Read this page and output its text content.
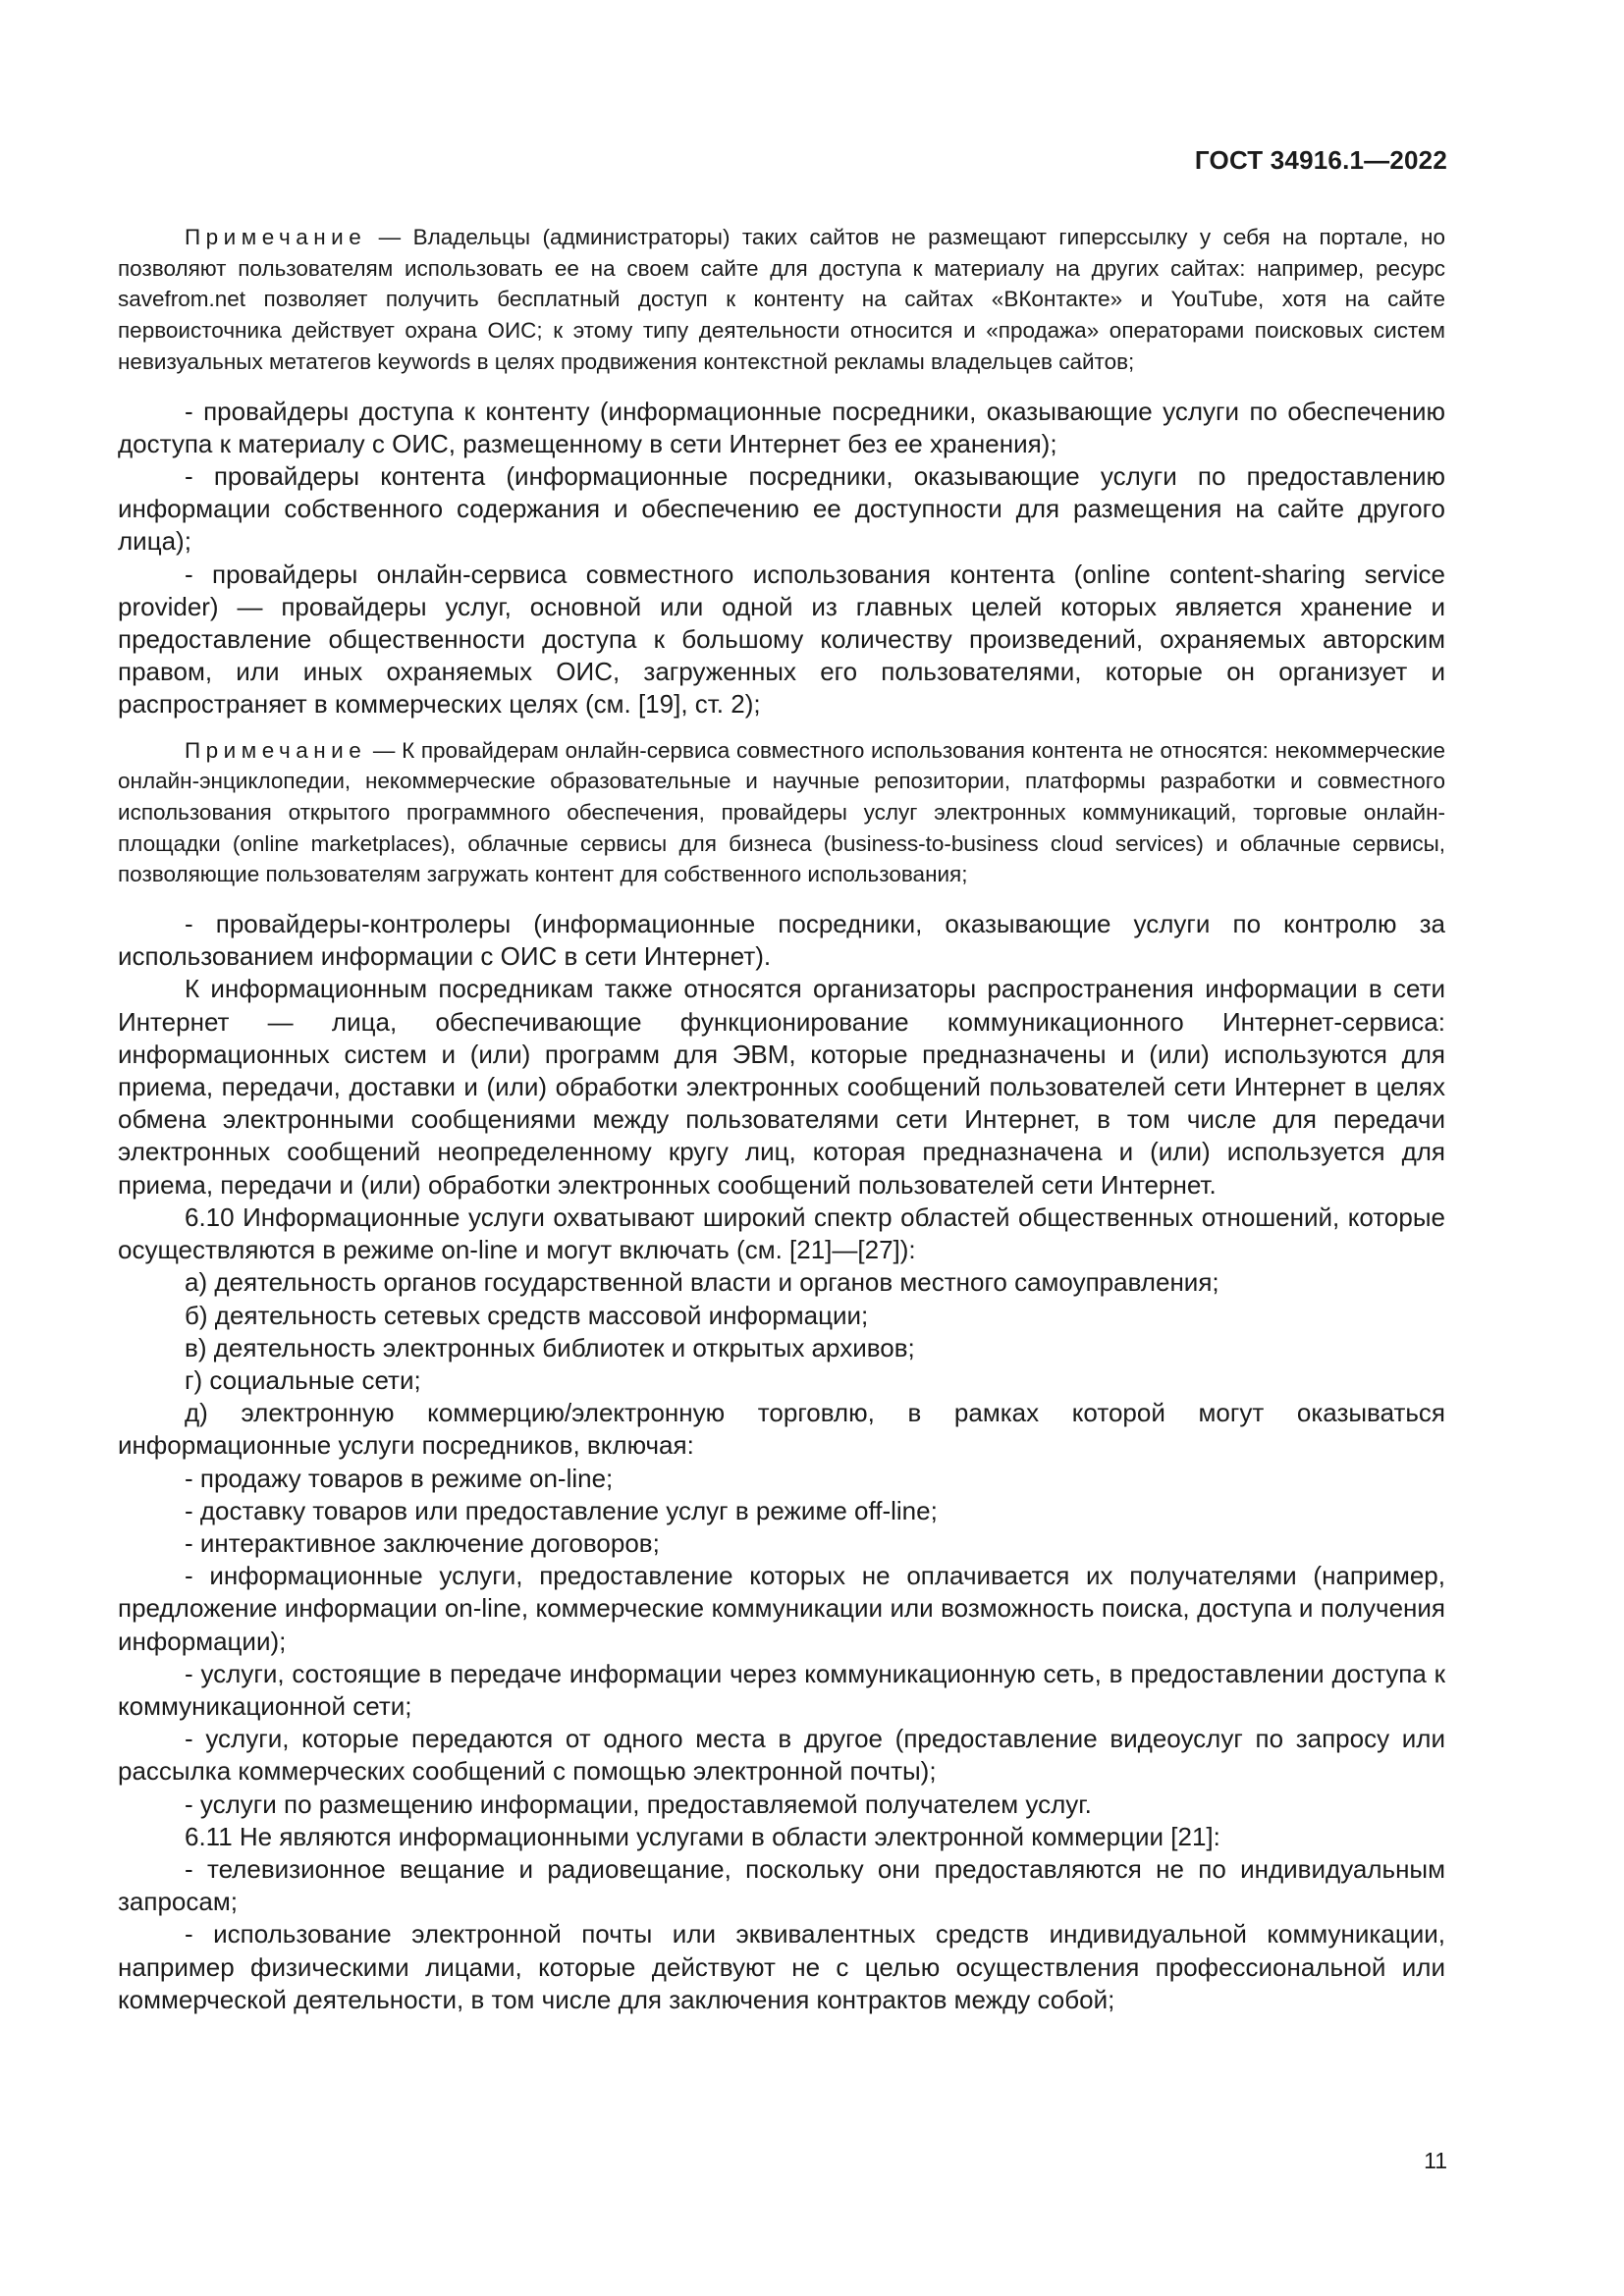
ГОСТ 34916.1—2022

Примечание — Владельцы (администраторы) таких сайтов не размещают гиперссылку у себя на портале, но позволяют пользователям использовать ее на своем сайте для доступа к материалу на других сайтах: например, ресурс savefrom.net позволяет получить бесплатный доступ к контенту на сайтах «ВКонтакте» и YouTube, хотя на сайте первоисточника действует охрана ОИС; к этому типу деятельности относится и «продажа» операторами поисковых систем невизуальных метатегов keywords в целях продвижения контекстной рекламы владельцев сайтов;

- провайдеры доступа к контенту (информационные посредники, оказывающие услуги по обеспечению доступа к материалу с ОИС, размещенному в сети Интернет без ее хранения);

- провайдеры контента (информационные посредники, оказывающие услуги по предоставлению информации собственного содержания и обеспечению ее доступности для размещения на сайте другого лица);

- провайдеры онлайн-сервиса совместного использования контента (online content-sharing service provider) — провайдеры услуг, основной или одной из главных целей которых является хранение и предоставление общественности доступа к большому количеству произведений, охраняемых авторским правом, или иных охраняемых ОИС, загруженных его пользователями, которые он организует и распространяет в коммерческих целях (см. [19], ст. 2);

Примечание — К провайдерам онлайн-сервиса совместного использования контента не относятся: некоммерческие онлайн-энциклопедии, некоммерческие образовательные и научные репозитории, платформы разработки и совместного использования открытого программного обеспечения, провайдеры услуг электронных коммуникаций, торговые онлайн-площадки (online marketplaces), облачные сервисы для бизнеса (business-to-business cloud services) и облачные сервисы, позволяющие пользователям загружать контент для собственного использования;

- провайдеры-контролеры (информационные посредники, оказывающие услуги по контролю за использованием информации с ОИС в сети Интернет).

К информационным посредникам также относятся организаторы распространения информации в сети Интернет — лица, обеспечивающие функционирование коммуникационного Интернет-сервиса: информационных систем и (или) программ для ЭВМ, которые предназначены и (или) используются для приема, передачи, доставки и (или) обработки электронных сообщений пользователей сети Интернет в целях обмена электронными сообщениями между пользователями сети Интернет, в том числе для передачи электронных сообщений неопределенному кругу лиц, которая предназначена и (или) используется для приема, передачи и (или) обработки электронных сообщений пользователей сети Интернет.

6.10 Информационные услуги охватывают широкий спектр областей общественных отношений, которые осуществляются в режиме on-line и могут включать (см. [21]—[27]):

а) деятельность органов государственной власти и органов местного самоуправления;

б) деятельность сетевых средств массовой информации;

в) деятельность электронных библиотек и открытых архивов;

г) социальные сети;

д) электронную коммерцию/электронную торговлю, в рамках которой могут оказываться информационные услуги посредников, включая:

- продажу товаров в режиме on-line;

- доставку товаров или предоставление услуг в режиме off-line;

- интерактивное заключение договоров;

- информационные услуги, предоставление которых не оплачивается их получателями (например, предложение информации on-line, коммерческие коммуникации или возможность поиска, доступа и получения информации);

- услуги, состоящие в передаче информации через коммуникационную сеть, в предоставлении доступа к коммуникационной сети;

- услуги, которые передаются от одного места в другое (предоставление видеоуслуг по запросу или рассылка коммерческих сообщений с помощью электронной почты);

- услуги по размещению информации, предоставляемой получателем услуг.

6.11 Не являются информационными услугами в области электронной коммерции [21]:

- телевизионное вещание и радиовещание, поскольку они предоставляются не по индивидуальным запросам;

- использование электронной почты или эквивалентных средств индивидуальной коммуникации, например физическими лицами, которые действуют не с целью осуществления профессиональной или коммерческой деятельности, в том числе для заключения контрактов между собой;

11
